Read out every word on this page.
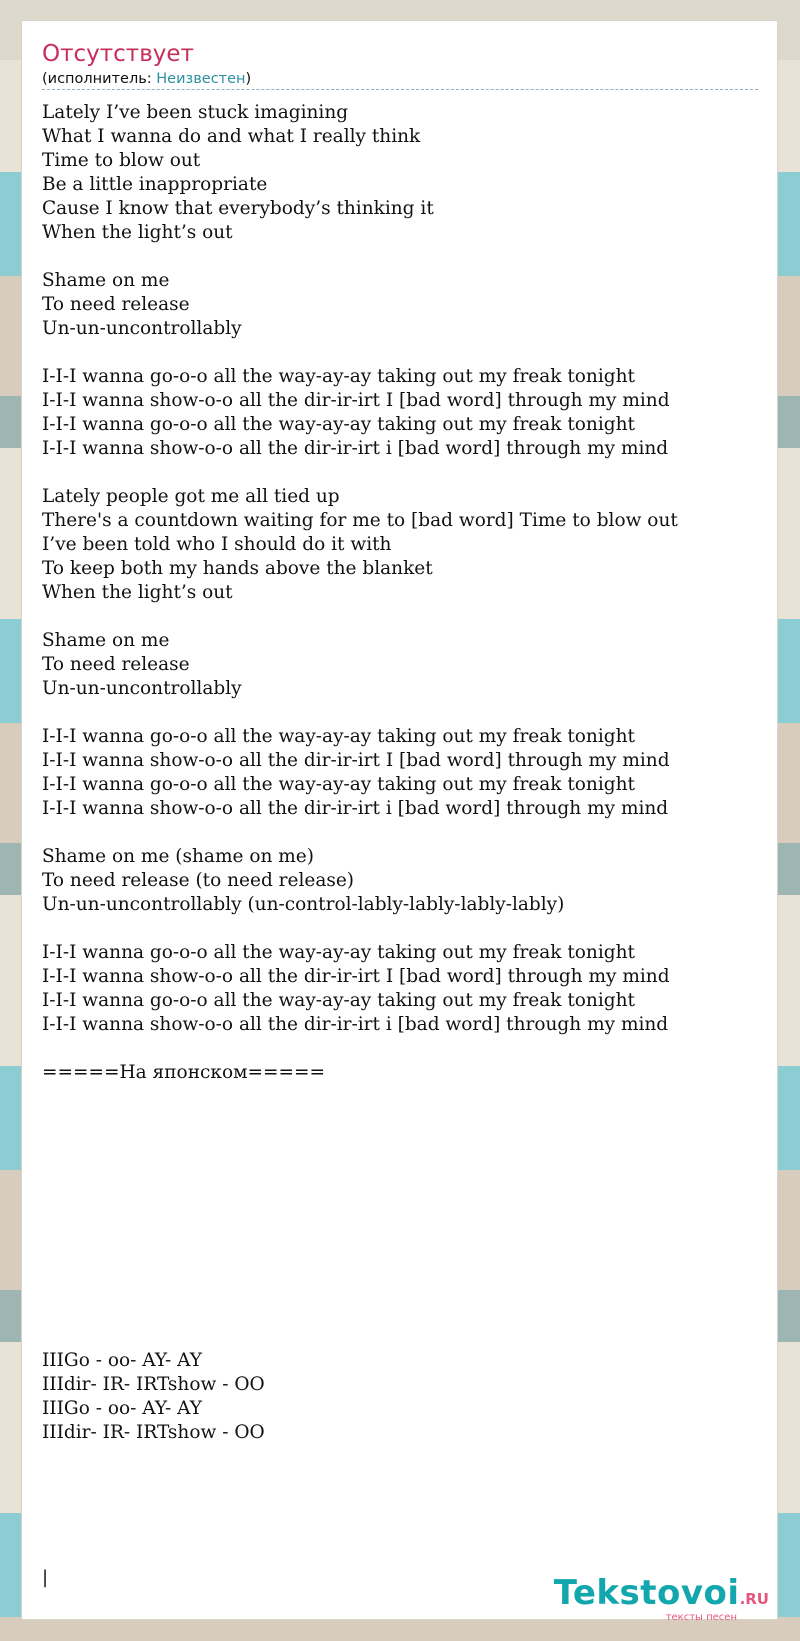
Отсутствует
(исполнитель: Неизвестен)
Lately I’ve been stuck imagining
What I wanna do and what I really think
Time to blow out
Be a little inappropriate
Cause I know that everybody’s thinking it
When the light’s out
Shame on me
To need release
Un-un-uncontrollably
I-I-I wanna go-o-o all the way-ay-ay taking out my freak tonight
I-I-I wanna show-o-o all the dir-ir-irt I [bad word] through my mind
I-I-I wanna go-o-o all the way-ay-ay taking out my freak tonight
I-I-I wanna show-o-o all the dir-ir-irt i [bad word] through my mind
Lately people got me all tied up
There's a countdown waiting for me to [bad word] Time to blow out
I’ve been told who I should do it with
To keep both my hands above the blanket
When the light’s out
Shame on me
To need release
Un-un-uncontrollably
I-I-I wanna go-o-o all the way-ay-ay taking out my freak tonight
I-I-I wanna show-o-o all the dir-ir-irt I [bad word] through my mind
I-I-I wanna go-o-o all the way-ay-ay taking out my freak tonight
I-I-I wanna show-o-o all the dir-ir-irt i [bad word] through my mind
Shame on me (shame on me)
To need release (to need release)
Un-un-uncontrollably (un-control-lably-lably-lably-lably)
I-I-I wanna go-o-o all the way-ay-ay taking out my freak tonight
I-I-I wanna show-o-o all the dir-ir-irt I [bad word] through my mind
I-I-I wanna go-o-o all the way-ay-ay taking out my freak tonight
I-I-I wanna show-o-o all the dir-ir-irt i [bad word] through my mind
=====На японском=====
IIIGo - oo- AY- AY
IIIdir- IR- IRTshow - OO
IIIGo - oo- AY- AY
IIIdir- IR- IRTshow - OO
|	Tekstovoi.RU
тексты песен
